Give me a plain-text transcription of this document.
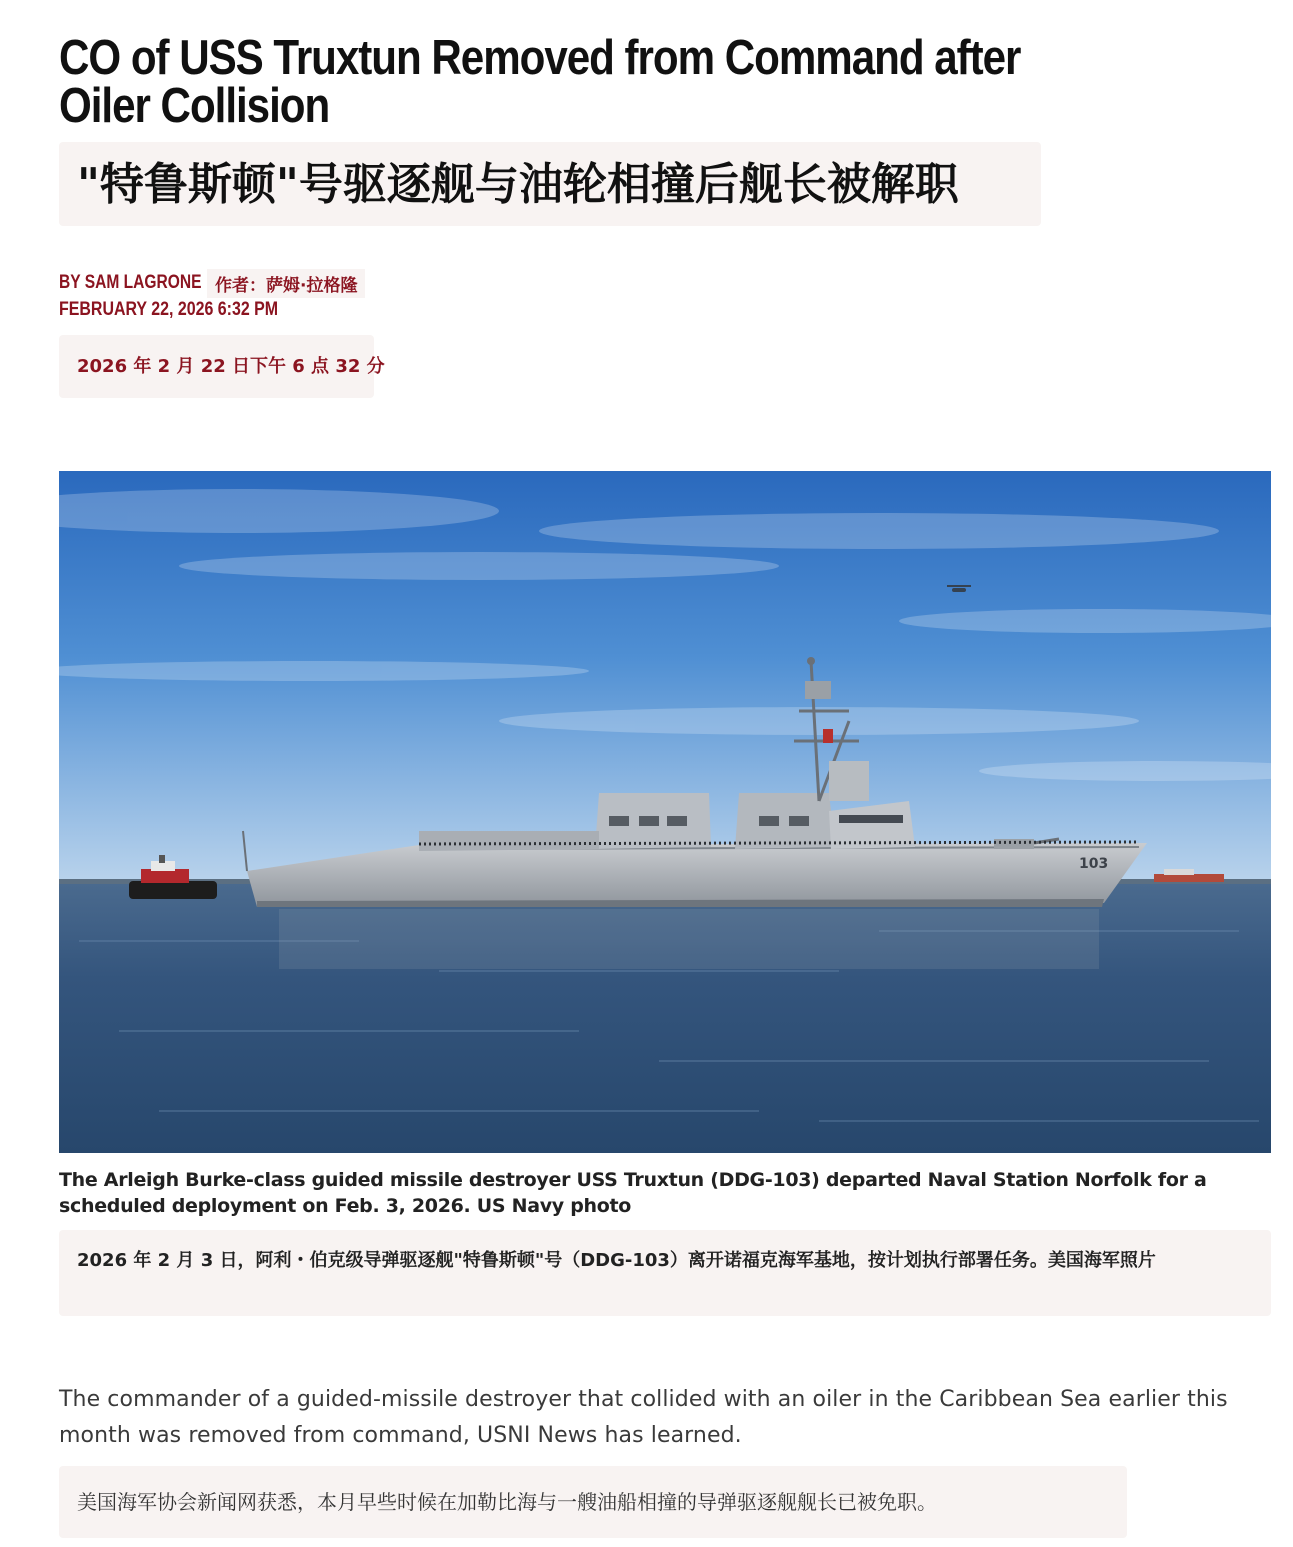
CO of USS Truxtun Removed from Command after Oiler Collision
"特鲁斯顿"号驱逐舰与油轮相撞后舰长被解职
BY SAM LAGRONE 作者：萨姆·拉格隆
FEBRUARY 22, 2026 6:32 PM
2026 年 2 月 22 日下午 6 点 32 分
103

The Arleigh Burke-class guided missile destroyer USS Truxtun (DDG-103) departed Naval Station Norfolk for a scheduled deployment on Feb. 3, 2026. US Navy photo

2026 年 2 月 3 日，阿利・伯克级导弹驱逐舰"特鲁斯顿"号（DDG-103）离开诺福克海军基地，按计划执行部署任务。美国海军照片

The commander of a guided-missile destroyer that collided with an oiler in the Caribbean Sea earlier this month was removed from command, USNI News has learned.

美国海军协会新闻网获悉，本月早些时候在加勒比海与一艘油船相撞的导弹驱逐舰舰长已被免职。
